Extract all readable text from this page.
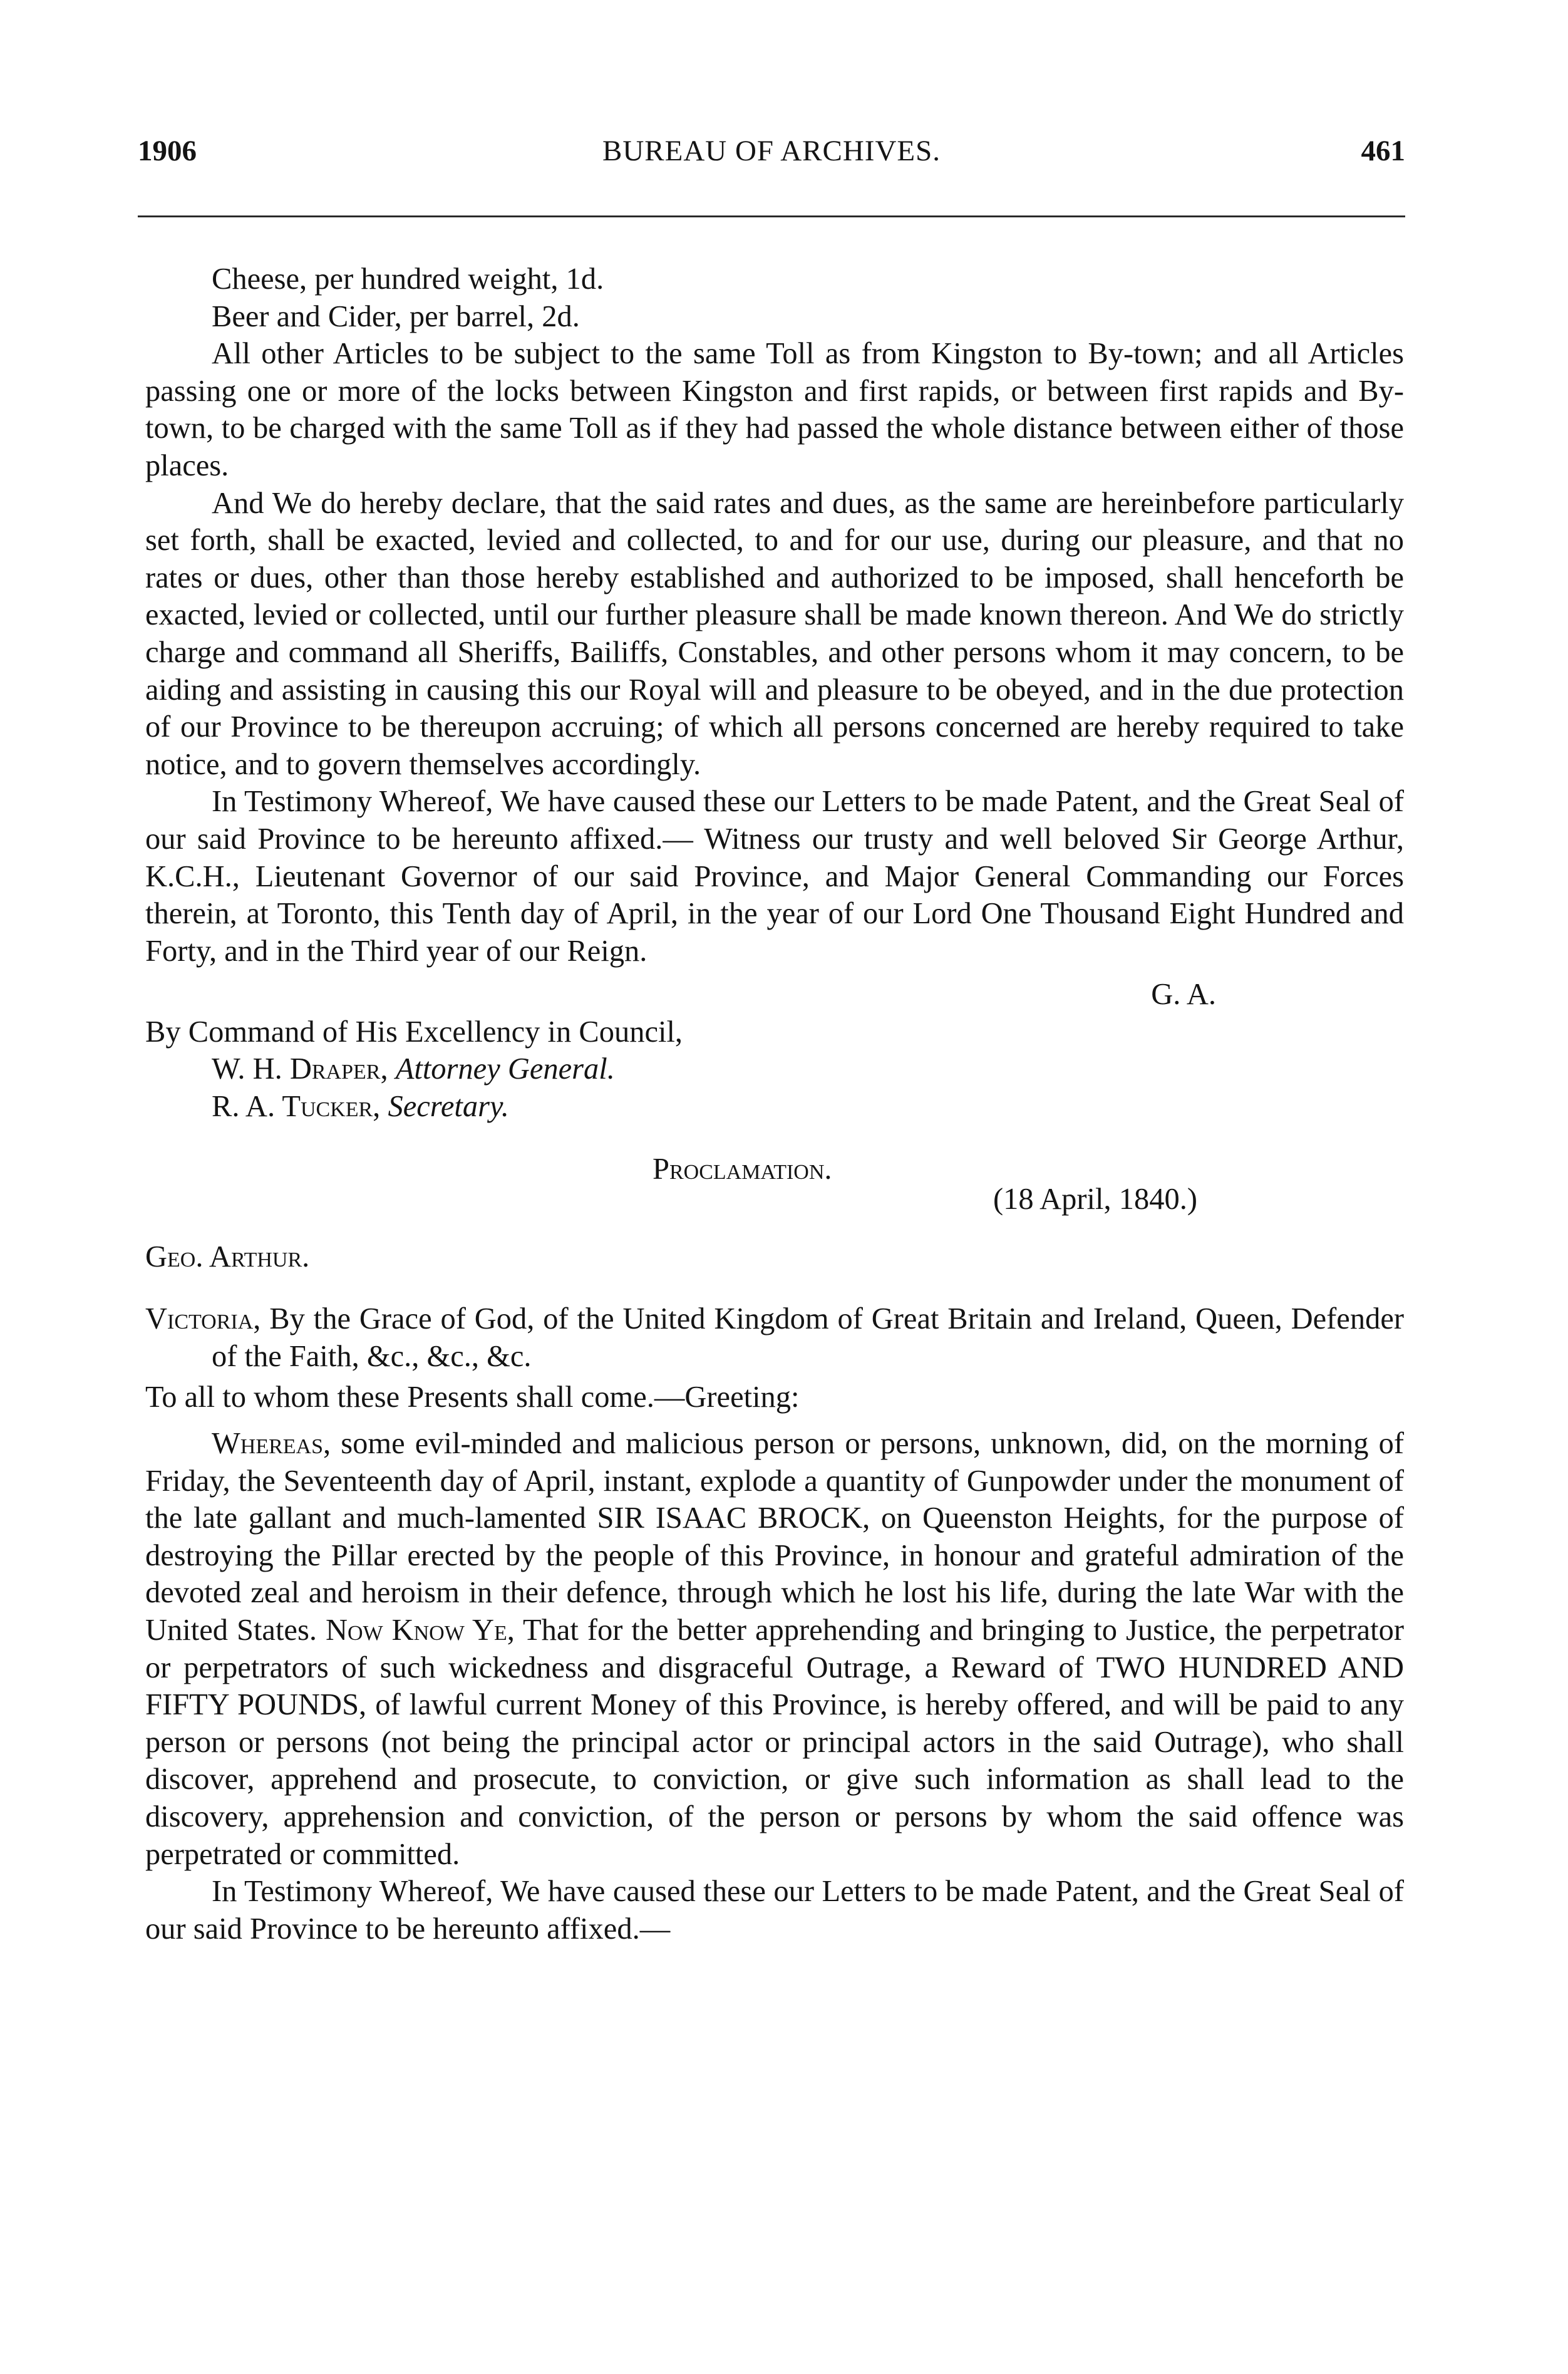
1906	BUREAU OF ARCHIVES.	461

Cheese, per hundred weight, 1d.

Beer and Cider, per barrel, 2d.

All other Articles to be subject to the same Toll as from Kingston to By-town; and all Articles passing one or more of the locks between Kingston and first rapids, or between first rapids and By-town, to be charged with the same Toll as if they had passed the whole distance between either of those places.

And We do hereby declare, that the said rates and dues, as the same are hereinbefore particularly set forth, shall be exacted, levied and collected, to and for our use, during our pleasure, and that no rates or dues, other than those hereby established and authorized to be imposed, shall henceforth be exacted, levied or collected, until our further pleasure shall be made known thereon. And We do strictly charge and command all Sheriffs, Bailiffs, Constables, and other persons whom it may concern, to be aiding and assisting in causing this our Royal will and pleasure to be obeyed, and in the due protection of our Province to be thereupon accruing; of which all persons concerned are hereby required to take notice, and to govern themselves accordingly.

In Testimony Whereof, We have caused these our Letters to be made Patent, and the Great Seal of our said Province to be hereunto affixed.— Witness our trusty and well beloved Sir George Arthur, K.C.H., Lieutenant Governor of our said Province, and Major General Commanding our Forces therein, at Toronto, this Tenth day of April, in the year of our Lord One Thousand Eight Hundred and Forty, and in the Third year of our Reign.

G. A.

By Command of His Excellency in Council,

W. H. Draper, Attorney General.

R. A. Tucker, Secretary.

Proclamation.
(18 April, 1840.)

Geo. Arthur.

Victoria, By the Grace of God, of the United Kingdom of Great Britain and Ireland, Queen, Defender of the Faith, &c., &c., &c.

To all to whom these Presents shall come.—Greeting:

Whereas, some evil-minded and malicious person or persons, unknown, did, on the morning of Friday, the Seventeenth day of April, instant, explode a quantity of Gunpowder under the monument of the late gallant and much-lamented SIR ISAAC BROCK, on Queenston Heights, for the purpose of destroying the Pillar erected by the people of this Province, in honour and grateful admiration of the devoted zeal and heroism in their defence, through which he lost his life, during the late War with the United States. Now Know Ye, That for the better apprehending and bringing to Justice, the perpetrator or perpetrators of such wickedness and disgraceful Outrage, a Reward of TWO HUNDRED AND FIFTY POUNDS, of lawful current Money of this Province, is hereby offered, and will be paid to any person or persons (not being the principal actor or principal actors in the said Outrage), who shall discover, apprehend and prosecute, to conviction, or give such information as shall lead to the discovery, apprehension and conviction, of the person or persons by whom the said offence was perpetrated or committed.

In Testimony Whereof, We have caused these our Letters to be made Patent, and the Great Seal of our said Province to be hereunto affixed.—
